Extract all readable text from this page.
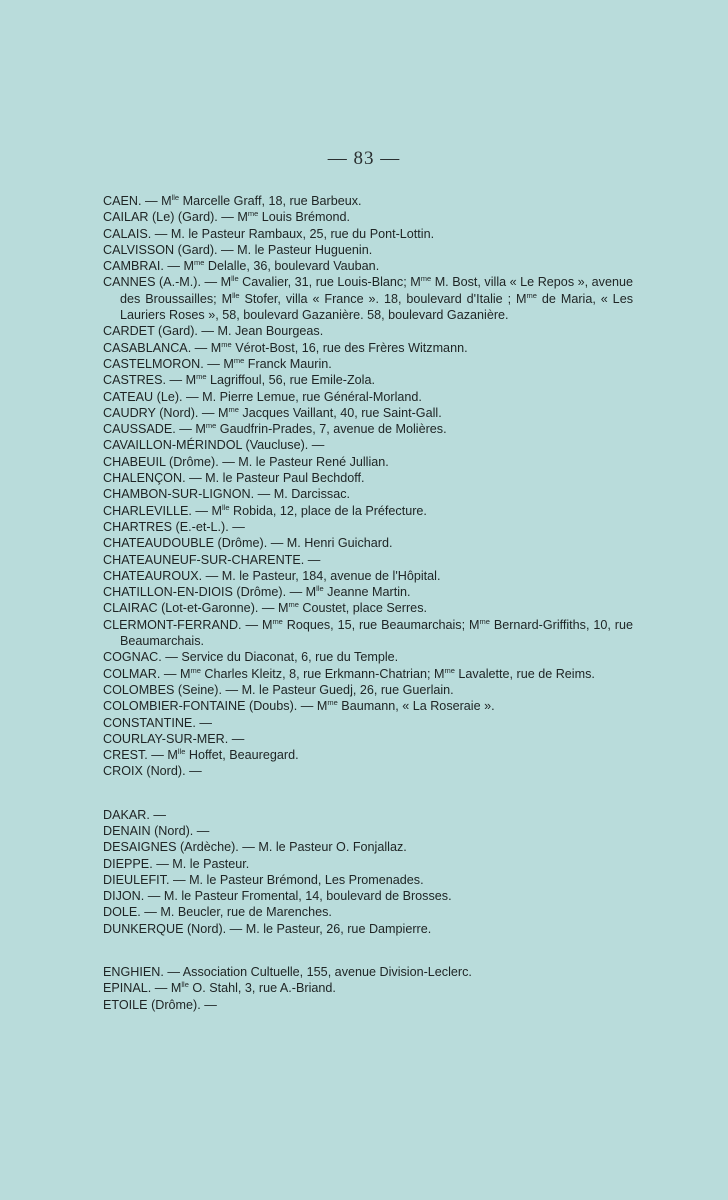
— 83 —
CAEN. — $M^{lle}$ Marcelle Graff, 18, rue Barbeux.
CAILAR (Le) (Gard). — $M^{me}$ Louis Brémond.
CALAIS. — M. le Pasteur Rambaux, 25, rue du Pont-Lottin.
CALVISSON (Gard). — M. le Pasteur Huguenin.
CAMBRAI. — $M^{me}$ Delalle, 36, boulevard Vauban.
CANNES (A.-M.). — $M^{lle}$ Cavalier, 31, rue Louis-Blanc; $M^{me}$ M. Bost, villa « Le Repos », avenue des Broussailles; $M^{lle}$ Stofer, villa « France ». 18, boulevard d'Italie ; $M^{me}$ de Maria, « Les Lauriers Roses », 58, boulevard Gazanière. 58, boulevard Gazanière.
CARDET (Gard). — M. Jean Bourgeas.
CASABLANCA. — $M^{me}$ Vérot-Bost, 16, rue des Frères Witzmann.
CASTELMORON. — $M^{me}$ Franck Maurin.
CASTRES. — $M^{me}$ Lagriffoul, 56, rue Emile-Zola.
CATEAU (Le). — M. Pierre Lemue, rue Général-Morland.
CAUDRY (Nord). — $M^{me}$ Jacques Vaillant, 40, rue Saint-Gall.
CAUSSADE. — $M^{me}$ Gaudfrin-Prades, 7, avenue de Molières.
CAVAILLON-MÉRINDOL (Vaucluse). —
CHABEUIL (Drôme). — M. le Pasteur René Jullian.
CHALENÇON. — M. le Pasteur Paul Bechdoff.
CHAMBON-SUR-LIGNON. — M. Darcissac.
CHARLEVILLE. — $M^{lle}$ Robida, 12, place de la Préfecture.
CHARTRES (E.-et-L.). —
CHATEAUDOUBLE (Drôme). — M. Henri Guichard.
CHATEAUNEUF-SUR-CHARENTE. —
CHATEAUROUX. — M. le Pasteur, 184, avenue de l'Hôpital.
CHATILLON-EN-DIOIS (Drôme). — $M^{lle}$ Jeanne Martin.
CLAIRAC (Lot-et-Garonne). — $M^{me}$ Coustet, place Serres.
CLERMONT-FERRAND. — $M^{me}$ Roques, 15, rue Beaumarchais; $M^{me}$ Bernard-Griffiths, 10, rue Beaumarchais.
COGNAC. — Service du Diaconat, 6, rue du Temple.
COLMAR. — $M^{me}$ Charles Kleitz, 8, rue Erkmann-Chatrian; $M^{me}$ Lavalette, rue de Reims.
COLOMBES (Seine). — M. le Pasteur Guedj, 26, rue Guerlain.
COLOMBIER-FONTAINE (Doubs). — $M^{me}$ Baumann, « La Roseraie ».
CONSTANTINE. —
COURLAY-SUR-MER. —
CREST. — $M^{lle}$ Hoffet, Beauregard.
CROIX (Nord). —
DAKAR. —
DENAIN (Nord). —
DESAIGNES (Ardèche). — M. le Pasteur O. Fonjallaz.
DIEPPE. — M. le Pasteur.
DIEULEFIT. — M. le Pasteur Brémond, Les Promenades.
DIJON. — M. le Pasteur Fromental, 14, boulevard de Brosses.
DOLE. — M. Beucler, rue de Marenches.
DUNKERQUE (Nord). — M. le Pasteur, 26, rue Dampierre.
ENGHIEN. — Association Cultuelle, 155, avenue Division-Leclerc.
EPINAL. — $M^{lle}$ O. Stahl, 3, rue A.-Briand.
ETOILE (Drôme). —
